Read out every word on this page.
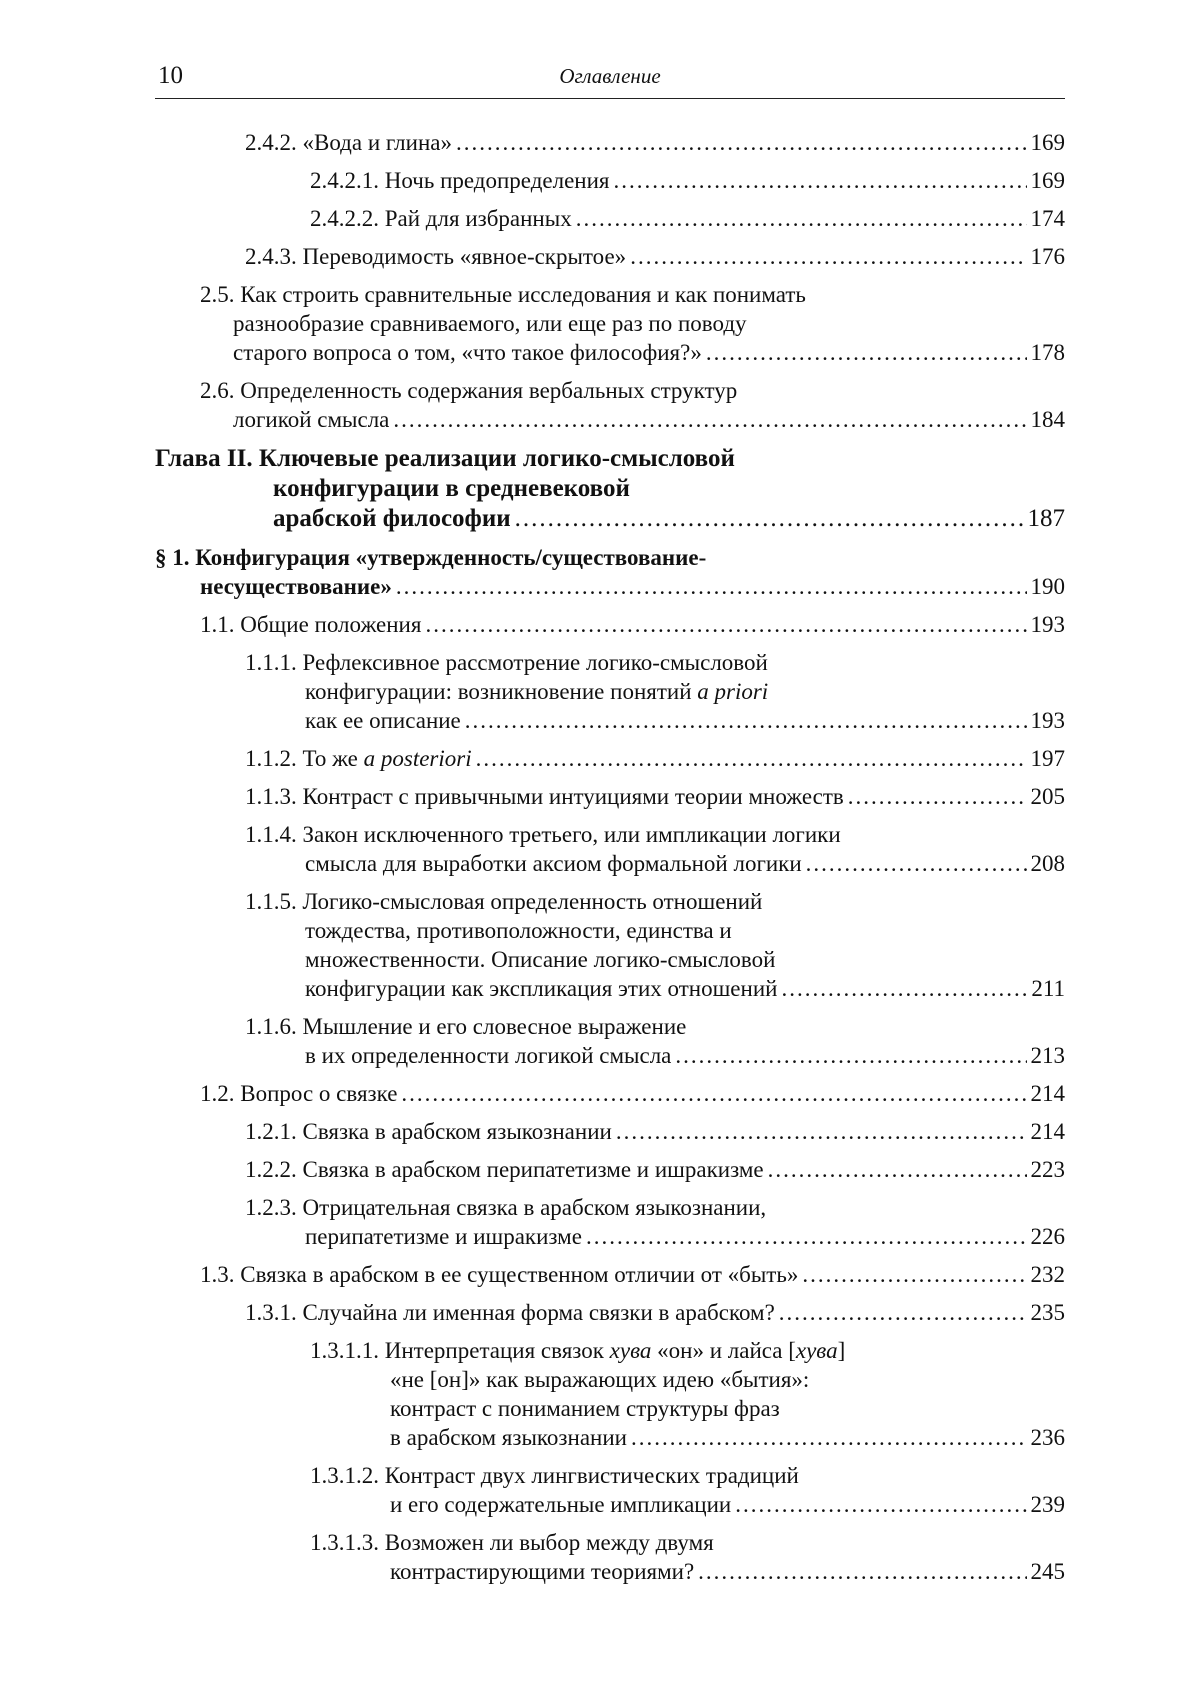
10	Оглавление
2.4.2. «Вода и глина» .....	169
2.4.2.1. Ночь предопределения .....	169
2.4.2.2. Рай для избранных .....	174
2.4.3. Переводимость «явное-скрытое» .....	176
2.5. Как строить сравнительные исследования и как понимать
разнообразие сравниваемого, или еще раз по поводу
старого вопроса о том, «что такое философия?» .....	178
2.6. Определенность содержания вербальных структур
логикой смысла .....	184
Глава II. Ключевые реализации логико-смысловой
конфигурации в средневековой
арабской философии .....	187
§ 1. Конфигурация «утвержденность/существование-
несуществование» .....	190
1.1. Общие положения .....	193
1.1.1. Рефлексивное рассмотрение логико-смысловой
конфигурации: возникновение понятий a priori
как ее описание .....	193
1.1.2. То же a posteriori .....	197
1.1.3. Контраст с привычными интуициями теории множеств .....	205
1.1.4. Закон исключенного третьего, или импликации логики
смысла для выработки аксиом формальной логики .....	208
1.1.5. Логико-смысловая определенность отношений
тождества, противоположности, единства и
множественности. Описание логико-смысловой
конфигурации как экспликация этих отношений .....	211
1.1.6. Мышление и его словесное выражение
в их определенности логикой смысла .....	213
1.2. Вопрос о связке .....	214
1.2.1. Связка в арабском языкознании .....	214
1.2.2. Связка в арабском перипатетизме и ишракизме .....	223
1.2.3. Отрицательная связка в арабском языкознании,
перипатетизме и ишракизме .....	226
1.3. Связка в арабском в ее существенном отличии от «быть» .....	232
1.3.1. Случайна ли именная форма связки в арабском? .....	235
1.3.1.1. Интерпретация связок хува «он» и лайса [хува]
«не [он]» как выражающих идею «бытия»:
контраст с пониманием структуры фраз
в арабском языкознании .....	236
1.3.1.2. Контраст двух лингвистических традиций
и его содержательные импликации .....	239
1.3.1.3. Возможен ли выбор между двумя
контрастирующими теориями? .....	245
